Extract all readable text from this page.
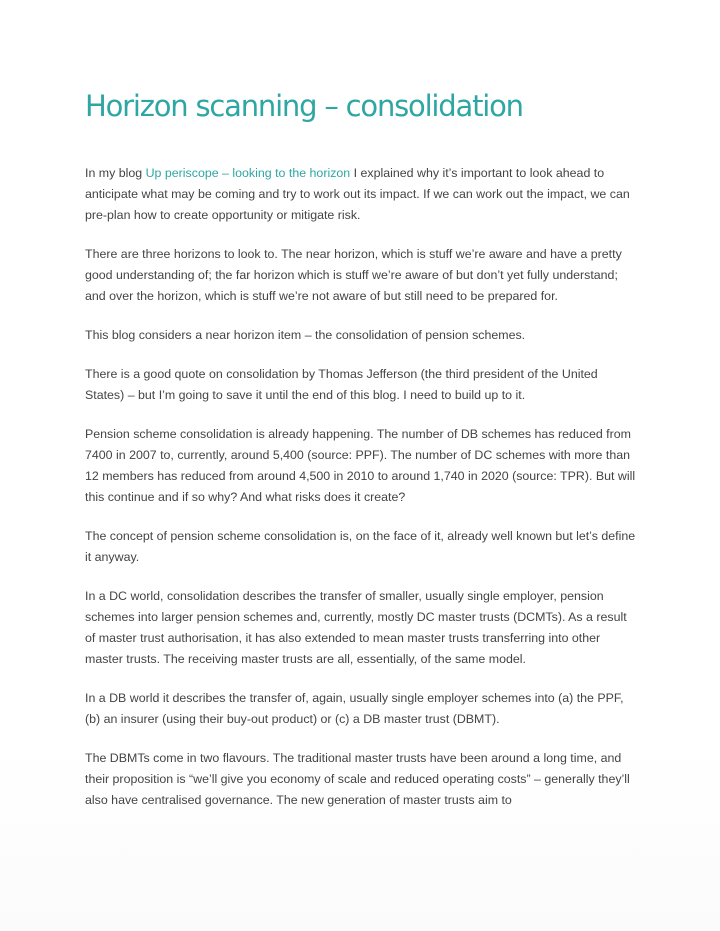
Horizon scanning – consolidation

In my blog Up periscope – looking to the horizon I explained why it’s important to look ahead to anticipate what may be coming and try to work out its impact. If we can work out the impact, we can pre-plan how to create opportunity or mitigate risk.

There are three horizons to look to. The near horizon, which is stuff we’re aware and have a pretty good understanding of; the far horizon which is stuff we’re aware of but don’t yet fully understand; and over the horizon, which is stuff we’re not aware of but still need to be prepared for.

This blog considers a near horizon item – the consolidation of pension schemes.

There is a good quote on consolidation by Thomas Jefferson (the third president of the United States) – but I’m going to save it until the end of this blog. I need to build up to it.

Pension scheme consolidation is already happening. The number of DB schemes has reduced from 7400 in 2007 to, currently, around 5,400 (source: PPF). The number of DC schemes with more than 12 members has reduced from around 4,500 in 2010 to around 1,740 in 2020 (source: TPR). But will this continue and if so why? And what risks does it create?

The concept of pension scheme consolidation is, on the face of it, already well known but let’s define it anyway.

In a DC world, consolidation describes the transfer of smaller, usually single employer, pension schemes into larger pension schemes and, currently, mostly DC master trusts (DCMTs). As a result of master trust authorisation, it has also extended to mean master trusts transferring into other master trusts. The receiving master trusts are all, essentially, of the same model.

In a DB world it describes the transfer of, again, usually single employer schemes into (a) the PPF, (b) an insurer (using their buy-out product) or (c) a DB master trust (DBMT).

The DBMTs come in two flavours. The traditional master trusts have been around a long time, and their proposition is “we’ll give you economy of scale and reduced operating costs” – generally they’ll also have centralised governance. The new generation of master trusts aim to
